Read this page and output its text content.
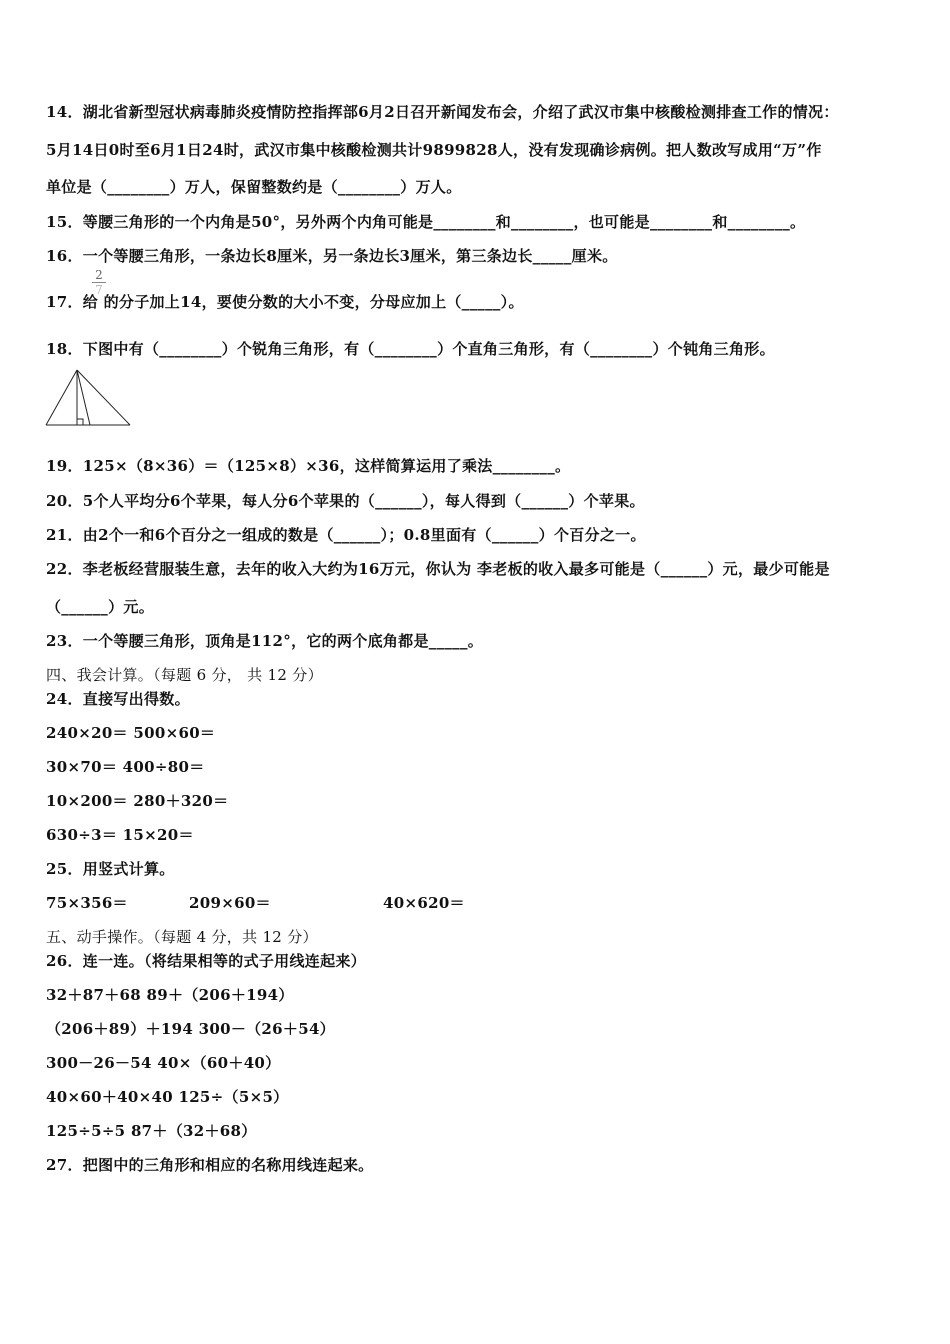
14．湖北省新型冠状病毒肺炎疫情防控指挥部6月2日召开新闻发布会，介绍了武汉市集中核酸检测排查工作的情况：
5月14日0时至6月1日24时，武汉市集中核酸检测共计9899828人，没有发现确诊病例。把人数改写成用“万”作
单位是（________）万人，保留整数约是（________）万人。
15．等腰三角形的一个内角是50°，另外两个内角可能是________和________，也可能是________和________。
16．一个等腰三角形，一条边长8厘米，另一条边长3厘米，第三条边长_____厘米。
$\frac{2}{7}$
17．给 的分子加上14，要使分数的大小不变，分母应加上（_____）。
18．下图中有（________）个锐角三角形，有（________）个直角三角形，有（________）个钝角三角形。
19．125×（8×36）＝（125×8）×36，这样简算运用了乘法________。
20．5个人平均分6个苹果，每人分6个苹果的（______），每人得到（______）个苹果。
21．由2个一和6个百分之一组成的数是（______）；0.8里面有（______）个百分之一。
22．李老板经营服装生意，去年的收入大约为16万元，你认为 李老板的收入最多可能是（______）元，最少可能是
（______）元。
23．一个等腰三角形，顶角是112°，它的两个底角都是_____。
四、我会计算。（每题 6 分， 共 12 分）
24．直接写出得数。
240×20＝ 500×60＝
30×70＝ 400÷80＝
10×200＝ 280＋320＝
630÷3＝ 15×20＝
25．用竖式计算。
75×356＝	209×60＝	40×620＝
五、动手操作。（每题 4 分，共 12 分）
26．连一连。（将结果相等的式子用线连起来）
32＋87＋68 89＋（206＋194）
（206＋89）＋194 300－（26＋54）
300－26－54 40×（60＋40）
40×60＋40×40 125÷（5×5）
125÷5÷5 87＋（32＋68）
27．把图中的三角形和相应的名称用线连起来。
